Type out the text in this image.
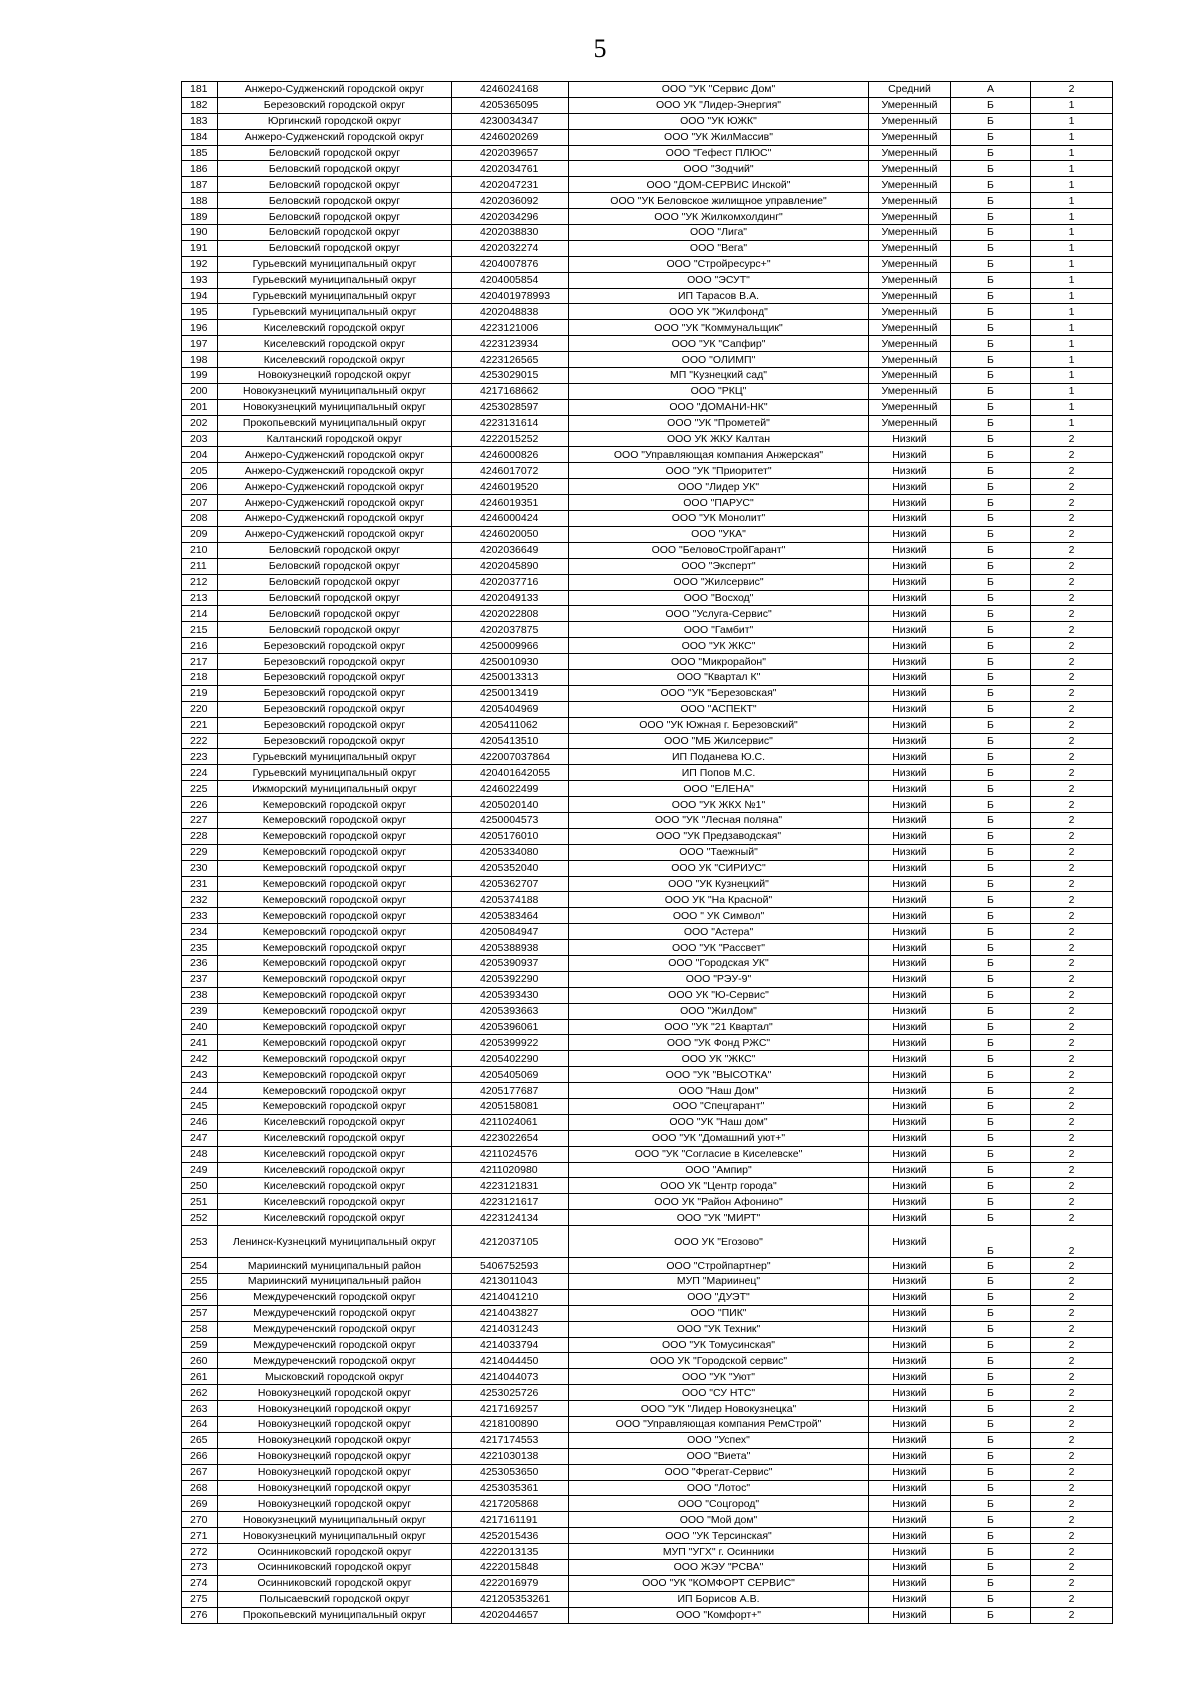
5
181	Анжеро-Судженский городской округ	4246024168	ООО "УК "Сервис Дом"	Средний	А	2
182	Березовский городской округ	4205365095	ООО УК "Лидер-Энергия"	Умеренный	Б	1
183	Юргинский городской округ	4230034347	ООО "УК ЮЖК"	Умеренный	Б	1
184	Анжеро-Судженский городской округ	4246020269	ООО "УК ЖилМассив"	Умеренный	Б	1
185	Беловский городской округ	4202039657	ООО "Гефест ПЛЮС"	Умеренный	Б	1
186	Беловский городской округ	4202034761	ООО "Зодчий"	Умеренный	Б	1
187	Беловский городской округ	4202047231	ООО "ДОМ-СЕРВИС Инской"	Умеренный	Б	1
188	Беловский городской округ	4202036092	ООО "УК Беловское жилищное управление"	Умеренный	Б	1
189	Беловский городской округ	4202034296	ООО "УК Жилкомхолдинг"	Умеренный	Б	1
190	Беловский городской округ	4202038830	ООО "Лига"	Умеренный	Б	1
191	Беловский городской округ	4202032274	ООО "Вега"	Умеренный	Б	1
192	Гурьевский муниципальный округ	4204007876	ООО "Стройресурс+"	Умеренный	Б	1
193	Гурьевский муниципальный округ	4204005854	ООО "ЭСУТ"	Умеренный	Б	1
194	Гурьевский муниципальный округ	420401978993	ИП Тарасов В.А.	Умеренный	Б	1
195	Гурьевский муниципальный округ	4202048838	ООО УК "Жилфонд"	Умеренный	Б	1
196	Киселевский городской округ	4223121006	ООО "УК "Коммунальщик"	Умеренный	Б	1
197	Киселевский городской округ	4223123934	ООО "УК "Сапфир"	Умеренный	Б	1
198	Киселевский городской округ	4223126565	ООО "ОЛИМП"	Умеренный	Б	1
199	Новокузнецкий городской округ	4253029015	МП "Кузнецкий сад"	Умеренный	Б	1
200	Новокузнецкий муниципальный округ	4217168662	ООО "РКЦ"	Умеренный	Б	1
201	Новокузнецкий муниципальный округ	4253028597	ООО "ДОМАНИ-НК"	Умеренный	Б	1
202	Прокопьевский муниципальный округ	4223131614	ООО "УК "Прометей"	Умеренный	Б	1
203	Калтанский городской округ	4222015252	ООО УК ЖКУ Калтан	Низкий	Б	2
204	Анжеро-Судженский городской округ	4246000826	ООО "Управляющая компания Анжерская"	Низкий	Б	2
205	Анжеро-Судженский городской округ	4246017072	ООО "УК "Приоритет"	Низкий	Б	2
206	Анжеро-Судженский городской округ	4246019520	ООО "Лидер УК"	Низкий	Б	2
207	Анжеро-Судженский городской округ	4246019351	ООО "ПАРУС"	Низкий	Б	2
208	Анжеро-Судженский городской округ	4246000424	ООО "УК Монолит"	Низкий	Б	2
209	Анжеро-Судженский городской округ	4246020050	ООО "УКА"	Низкий	Б	2
210	Беловский городской округ	4202036649	ООО "БеловоСтройГарант"	Низкий	Б	2
211	Беловский городской округ	4202045890	ООО "Эксперт"	Низкий	Б	2
212	Беловский городской округ	4202037716	ООО "Жилсервис"	Низкий	Б	2
213	Беловский городской округ	4202049133	ООО "Восход"	Низкий	Б	2
214	Беловский городской округ	4202022808	ООО "Услуга-Сервис"	Низкий	Б	2
215	Беловский городской округ	4202037875	ООО "Гамбит"	Низкий	Б	2
216	Березовский городской округ	4250009966	ООО "УК ЖКС"	Низкий	Б	2
217	Березовский городской округ	4250010930	ООО "Микрорайон"	Низкий	Б	2
218	Березовский городской округ	4250013313	ООО "Квартал К"	Низкий	Б	2
219	Березовский городской округ	4250013419	ООО "УК "Березовская"	Низкий	Б	2
220	Березовский городской округ	4205404969	ООО "АСПЕКТ"	Низкий	Б	2
221	Березовский городской округ	4205411062	ООО "УК Южная г. Березовский"	Низкий	Б	2
222	Березовский городской округ	4205413510	ООО "МБ Жилсервис"	Низкий	Б	2
223	Гурьевский муниципальный округ	422007037864	ИП Поданева Ю.С.	Низкий	Б	2
224	Гурьевский муниципальный округ	420401642055	ИП Попов М.С.	Низкий	Б	2
225	Ижморский муниципальный округ	4246022499	ООО "ЕЛЕНА"	Низкий	Б	2
226	Кемеровский городской округ	4205020140	ООО "УК ЖКХ №1"	Низкий	Б	2
227	Кемеровский городской округ	4250004573	ООО "УК "Лесная поляна"	Низкий	Б	2
228	Кемеровский городской округ	4205176010	ООО "УК Предзаводская"	Низкий	Б	2
229	Кемеровский городской округ	4205334080	ООО "Таежный"	Низкий	Б	2
230	Кемеровский городской округ	4205352040	ООО УК "СИРИУС"	Низкий	Б	2
231	Кемеровский городской округ	4205362707	ООО "УК Кузнецкий"	Низкий	Б	2
232	Кемеровский городской округ	4205374188	ООО УК "На Красной"	Низкий	Б	2
233	Кемеровский городской округ	4205383464	ООО " УК Символ"	Низкий	Б	2
234	Кемеровский городской округ	4205084947	ООО "Астера"	Низкий	Б	2
235	Кемеровский городской округ	4205388938	ООО "УК "Рассвет"	Низкий	Б	2
236	Кемеровский городской округ	4205390937	ООО "Городская УК"	Низкий	Б	2
237	Кемеровский городской округ	4205392290	ООО "РЭУ-9"	Низкий	Б	2
238	Кемеровский городской округ	4205393430	ООО УК "Ю-Сервис"	Низкий	Б	2
239	Кемеровский городской округ	4205393663	ООО "ЖилДом"	Низкий	Б	2
240	Кемеровский городской округ	4205396061	ООО "УК "21 Квартал"	Низкий	Б	2
241	Кемеровский городской округ	4205399922	ООО "УК Фонд РЖС"	Низкий	Б	2
242	Кемеровский городской округ	4205402290	ООО УК "ЖКС"	Низкий	Б	2
243	Кемеровский городской округ	4205405069	ООО "УК "ВЫСОТКА"	Низкий	Б	2
244	Кемеровский городской округ	4205177687	ООО "Наш Дом"	Низкий	Б	2
245	Кемеровский городской округ	4205158081	ООО "Спецгарант"	Низкий	Б	2
246	Киселевский городской округ	4211024061	ООО "УК "Наш дом"	Низкий	Б	2
247	Киселевский городской округ	4223022654	ООО "УК "Домашний уют+"	Низкий	Б	2
248	Киселевский городской округ	4211024576	ООО "УК "Согласие в Киселевске"	Низкий	Б	2
249	Киселевский городской округ	4211020980	ООО "Ампир"	Низкий	Б	2
250	Киселевский городской округ	4223121831	ООО УК "Центр города"	Низкий	Б	2
251	Киселевский городской округ	4223121617	ООО УК "Район Афонино"	Низкий	Б	2
252	Киселевский городской округ	4223124134	ООО "УК "МИРТ"	Низкий	Б	2
253	Ленинск-Кузнецкий муниципальный округ	4212037105	ООО УК "Егозово"	Низкий	Б	2
254	Мариинский муниципальный район	5406752593	ООО "Стройпартнер"	Низкий	Б	2
255	Мариинский муниципальный район	4213011043	МУП "Мариинец"	Низкий	Б	2
256	Междуреченский городской округ	4214041210	ООО "ДУЭТ"	Низкий	Б	2
257	Междуреченский городской округ	4214043827	ООО "ПИК"	Низкий	Б	2
258	Междуреченский городской округ	4214031243	ООО "УК Техник"	Низкий	Б	2
259	Междуреченский городской округ	4214033794	ООО "УК Томусинская"	Низкий	Б	2
260	Междуреченский городской округ	4214044450	ООО УК "Городской сервис"	Низкий	Б	2
261	Мысковский городской округ	4214044073	ООО "УК "Уют"	Низкий	Б	2
262	Новокузнецкий городской округ	4253025726	ООО "СУ НТС"	Низкий	Б	2
263	Новокузнецкий городской округ	4217169257	ООО "УК "Лидер Новокузнецка"	Низкий	Б	2
264	Новокузнецкий городской округ	4218100890	ООО "Управляющая компания РемСтрой"	Низкий	Б	2
265	Новокузнецкий городской округ	4217174553	ООО "Успех"	Низкий	Б	2
266	Новокузнецкий городской округ	4221030138	ООО "Виета"	Низкий	Б	2
267	Новокузнецкий городской округ	4253053650	ООО "Фрегат-Сервис"	Низкий	Б	2
268	Новокузнецкий городской округ	4253035361	ООО "Лотос"	Низкий	Б	2
269	Новокузнецкий городской округ	4217205868	ООО "Соцгород"	Низкий	Б	2
270	Новокузнецкий муниципальный округ	4217161191	ООО "Мой дом"	Низкий	Б	2
271	Новокузнецкий муниципальный округ	4252015436	ООО "УК Терсинская"	Низкий	Б	2
272	Осинниковский городской округ	4222013135	МУП "УГХ" г. Осинники	Низкий	Б	2
273	Осинниковский городской округ	4222015848	ООО ЖЭУ "РСВА"	Низкий	Б	2
274	Осинниковский городской округ	4222016979	ООО "УК "КОМФОРТ СЕРВИС"	Низкий	Б	2
275	Полысаевский городской округ	421205353261	ИП Борисов А.В.	Низкий	Б	2
276	Прокопьевский муниципальный округ	4202044657	ООО "Комфорт+"	Низкий	Б	2
